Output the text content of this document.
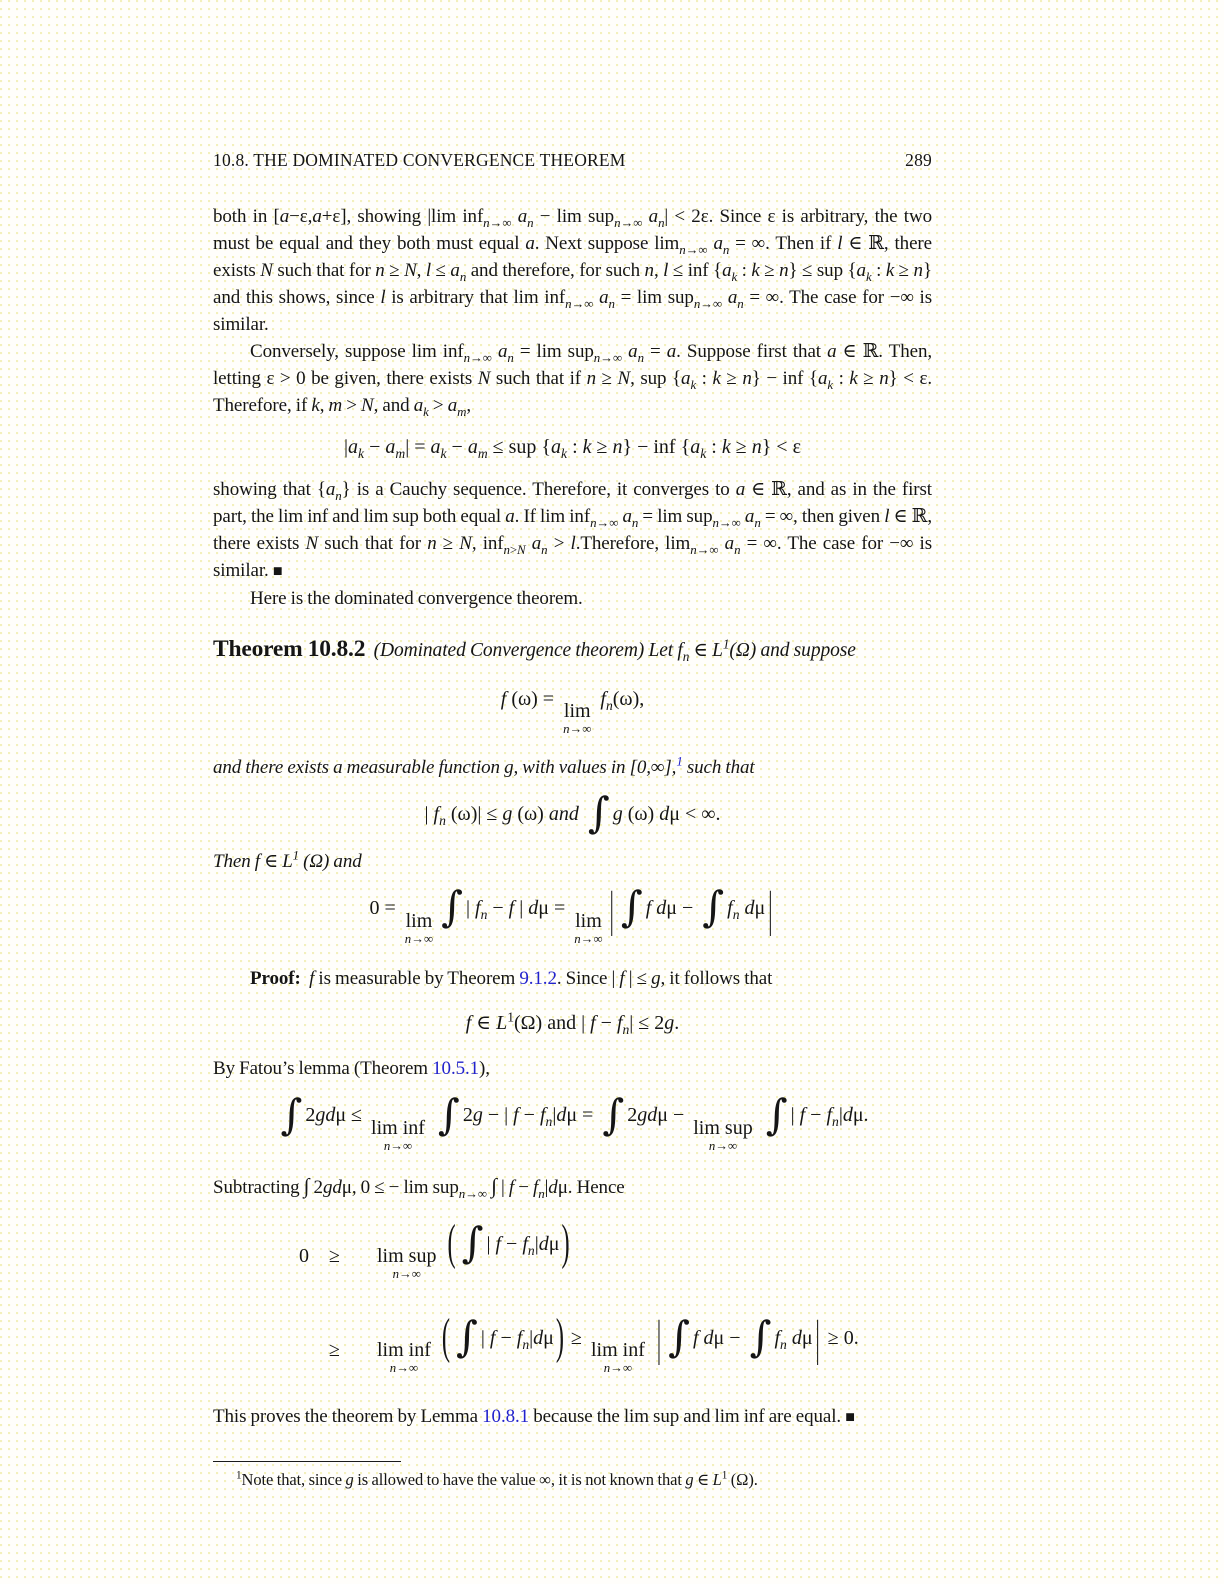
10.8. THE DOMINATED CONVERGENCE THEOREM	289

both in [a−ε,a+ε], showing |lim inf$_{n\to\infty}$ $a_n - \lim sup_{n\to\infty}$ $a_n| < 2\varepsilon$. Since ε is arbitrary, the two must be equal and they both must equal a. Next suppose $\lim_{n\to\infty} a_n$ = ∞. Then if l ∈ ℝ, there exists N such that for n ≥ N, $l \le a_n$ and therefore, for such n, l ≤ inf {$a_k$ : k ≥ n} ≤ sup {$a_k$ : k ≥ n} and this shows, since l is arbitrary that lim inf$_{n\to\infty}$ $a_n = \lim sup_{n\to\infty}$ $a_n$ = ∞. The case for −∞ is similar.

Conversely, suppose lim inf$_{n\to\infty}$ $a_n = \lim sup_{n\to\infty}$ $a_n = a$. Suppose first that a ∈ ℝ. Then, letting ε > 0 be given, there exists N such that if n ≥ N, sup {$a_k$ : k ≥ n} − inf {$a_k$ : k ≥ n} < ε. Therefore, if k, m > N, and $a_k > a_m$,

$|a_k - a_m| = a_k - a_m$ ≤ sup {$a_k$ : k ≥ n} − inf {$a_k$ : k ≥ n} < ε

showing that $\{a_n\}$ is a Cauchy sequence. Therefore, it converges to a ∈ ℝ, and as in the first part, the lim inf and lim sup both equal a. If lim inf$_{n\to\infty}$ $a_n = \lim sup_{n\to\infty}$ $a_n$ = ∞, then given l ∈ ℝ, there exists N such that for n ≥ N, inf$_{n>N}$ $a_n$ > l.Therefore, $\lim_{n\to\infty} a_n$ = ∞. The case for −∞ is similar. ■

Here is the dominated convergence theorem.

Theorem 10.8.2 (Dominated Convergence theorem) Let $f_n$ ∈ $L^1(\Omega)$ and suppose

f (ω) = lim
n→∞
$f_n(\omega)$,

and there exists a measurable function g, with values in [0,∞],$^1$ such that

| $f_n$ (ω)| ≤ g (ω) and ∫ g (ω) dμ < ∞.

Then f ∈ $L^1$ (Ω) and

0 = lim
n→∞
∫ | $f_n - f$ | dμ = lim
n→∞
| ∫ f dμ − ∫ $f_n$ dμ |

Proof: f is measurable by Theorem 9.1.2. Since | f | ≤ g, it follows that

f ∈ $L^1(\Omega)$ and | $f - f_n| \le 2g$.

By Fatou’s lemma (Theorem 10.5.1),

∫ 2gdμ ≤ lim inf
n→∞
∫ 2g − | $f - f_n|d\mu$ = ∫ 2gdμ − lim sup
n→∞
∫ | $f - f_n|d\mu$.

Subtracting ∫ 2gdμ, 0 ≤ − lim sup$_{n\to\infty}$ ∫ | $f - f_n|d\mu$. Hence

0	≥	lim sup
n→∞
( ∫ | $f - f_n|d\mu$)
≥	lim inf
n→∞
( ∫ | $f - f_n|d\mu) \ge \lim$ inf
n→∞
| ∫ f dμ − ∫ $f_n$ dμ | ≥ 0.

This proves the theorem by Lemma 10.8.1 because the lim sup and lim inf are equal. ■

$^1$Note that, since g is allowed to have the value ∞, it is not known that g ∈ $L^1$ (Ω).
